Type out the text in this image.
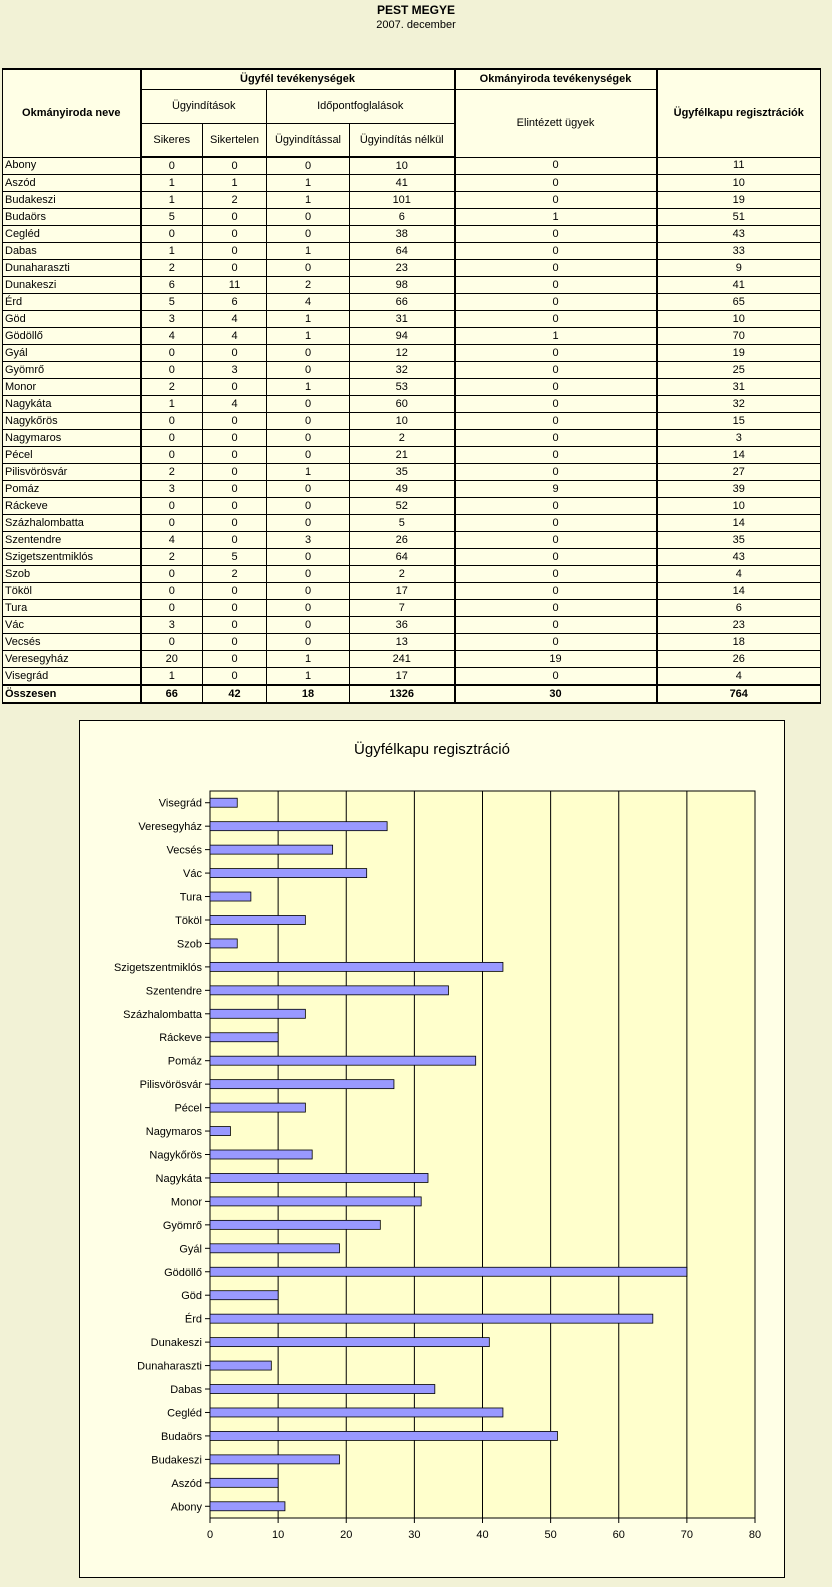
PEST MEGYE
2007. december
Okmányiroda neve	Ügyfél tevékenységek				Okmányiroda tevékenységek	Ügyfélkapu regisztrációk
	Ügyindítások		Időpontfoglalások		Elintézett ügyek	
	Sikeres	Sikertelen	Ügyindítással	Ügyindítás nélkül		
Abony	0	0	0	10	0	11
Aszód	1	1	1	41	0	10
Budakeszi	1	2	1	101	0	19
Budaörs	5	0	0	6	1	51
Cegléd	0	0	0	38	0	43
Dabas	1	0	1	64	0	33
Dunaharaszti	2	0	0	23	0	9
Dunakeszi	6	11	2	98	0	41
Érd	5	6	4	66	0	65
Göd	3	4	1	31	0	10
Gödöllő	4	4	1	94	1	70
Gyál	0	0	0	12	0	19
Gyömrő	0	3	0	32	0	25
Monor	2	0	1	53	0	31
Nagykáta	1	4	0	60	0	32
Nagykőrös	0	0	0	10	0	15
Nagymaros	0	0	0	2	0	3
Pécel	0	0	0	21	0	14
Pilisvörösvár	2	0	1	35	0	27
Pomáz	3	0	0	49	9	39
Ráckeve	0	0	0	52	0	10
Százhalombatta	0	0	0	5	0	14
Szentendre	4	0	3	26	0	35
Szigetszentmiklós	2	5	0	64	0	43
Szob	0	2	0	2	0	4
Tököl	0	0	0	17	0	14
Tura	0	0	0	7	0	6
Vác	3	0	0	36	0	23
Vecsés	0	0	0	13	0	18
Veresegyház	20	0	1	241	19	26
Visegrád	1	0	1	17	0	4
Összesen	66	42	18	1326	30	764
0	10	20	30	40	50	60	70	80
Abony
Aszód
Budakeszi
Budaörs
Cegléd
Dabas
Dunaharaszti
Dunakeszi
Érd
Göd
Gödöllő
Gyál
Gyömrő
Monor
Nagykáta
Nagykőrös
Nagymaros
Pécel
Pilisvörösvár
Pomáz
Ráckeve
Százhalombatta
Szentendre
Szigetszentmiklós
Szob
Tököl
Tura
Vác
Vecsés
Veresegyház
Visegrád
Ügyfélkapu regisztráció
